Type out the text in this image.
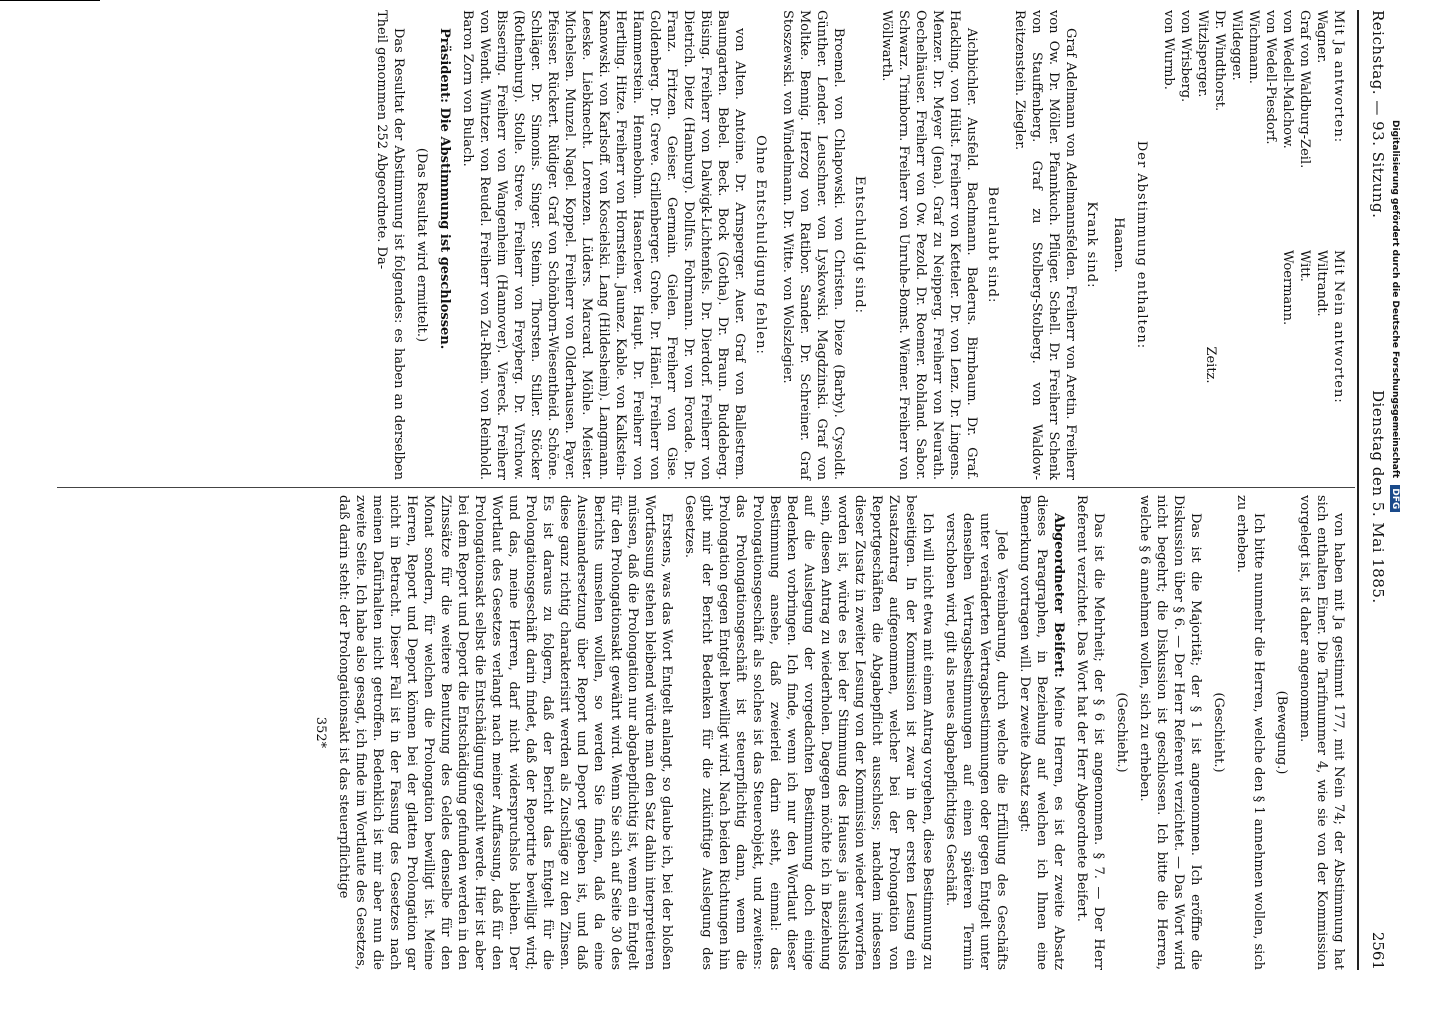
Reichstag. — 93. Sitzung.
Dienstag den 5. Mai 1885.
2561
Mit Ja antworten:
Wagner.
Graf von Waldburg-Zeil.
von Wedell-Malchow.
von Wedell-Piesdorf.
Wichmann.
Wildegger.
Dr. Windthorst.
Witzlsperger.
von Wrisberg.
von Wurmb.
Mit Nein antworten:
Wiltrandt.
Witt.
Woermann.
Zeitz.
Der Abstimmung enthalten:
Haanen.
Krank sind:

Graf Adelmann von Adelmannsfelden. Freiherr von Aretin. Freiherr von Ow. Dr. Möller. Pfannkuch. Pflüger. Schell. Dr. Freiherr Schenk von Stauffenberg. Graf zu Stolberg-Stolberg. von Waldow-Reitzenstein. Ziegler.

Beurlaubt sind:

Aichbichler. Ausfeld. Bachmann. Baderus. Birnbaum. Dr. Graf. Hackling. von Hülst. Freiherr von Ketteler. Dr. von Lenz. Dr. Lingens. Menzer. Dr. Meyer (Jena). Graf zu Neipperg. Freiherr von Neurath. Oechelhäuser. Freiherr von Ow. Pezold. Dr. Roemer. Rohland. Sabor. Schwarz. Trimborn. Freiherr von Unruhe-Bomst. Wiemer. Freiherr von Wöllwarth.

Entschuldigt sind:

Broemel. von Chlapowski. von Christen. Dieze (Barby). Cysoldt. Günther. Lender. Leuschner. von Lyskowski. Magdzinski. Graf von Moltke. Bennig. Herzog von Ratibor. Sander. Dr. Schreiner. Graf Stoszewski. von Windelmann. Dr. Witte. von Wolszlegier.

Ohne Entschuldigung fehlen:

von Alten. Antoine. Dr. Arnsperger. Auer. Graf von Ballestrem. Baumgarten. Bebel. Beck. Bock (Gotha). Dr. Braun. Buddeberg. Büsing. Freiherr von Dalwigk-Lichtenfels. Dr. Dierdorf. Freiherr von Dietrich. Dietz (Hamburg). Dollfus. Fohrmann. Dr. von Forcade. Dr. Franz. Fritzen. Geiser. Germain. Gielen. Freiherr von Gise. Goldenberg. Dr. Greve. Grillenberger. Grohe. Dr. Hänel. Freiherr von Hammerstein. Hennebohm. Hasenclever. Haupt. Dr. Freiherr von Hertling. Hitze. Freiherr von Hornstein. Jaunez. Kable. von Kalkstein-Kanowski. von Karlsoff. von Koscielski. Lang (Hildesheim). Langmann. Leeske. Liebknecht. Lorenzen. Lüders. Marcard. Möhle. Meister. Michelsen. Munzel. Nagel. Koppel. Freiherr von Olderhausen. Payer. Pfeisser. Rückert. Rüdiger. Graf von Schönborn-Wiesentheid. Schöne. Schläger. Dr. Simonis. Singer. Steinn. Thorsten. Stiller. Stöcker (Rothenburg). Stolle. Streve. Freiherr von Freyberg. Dr. Virchow. Bissering. Freiherr von Wangenheim (Hannover). Viereck. Freiherr von Wendt. Wintzer. von Reudel. Freiherr von Zu-Rhein. von Reinhold. Baron Zorn von Bulach.

Präsident: Die Abstimmung ist geschlossen.

(Das Resultat wird ermittelt.)

Das Resultat der Abstimmung ist folgendes: es haben an derselben Theil genommen 252 Abgeordnete. Da-

von haben mit Ja gestimmt 177, mit Nein 74; der Abstimmung hat sich enthalten Einer. Die Tarifnummer 4, wie sie von der Kommission vorgelegt ist, ist daher angenommen.

(Bewegung.)

Ich bitte nunmehr die Herren, welche den § 1 annehmen wollen, sich zu erheben.

(Geschieht.)

Das ist die Majorität; der § 1 ist angenommen. Ich eröffne die Diskussion über § 6. — Der Herr Referent verzichtet. — Das Wort wird nicht begehrt; die Diskussion ist geschlossen. Ich bitte die Herren, welche § 6 annehmen wollen, sich zu erheben.

(Geschieht.)

Das ist die Mehrheit; der § 6 ist angenommen. § 7. — Der Herr Referent verzichtet. Das Wort hat der Herr Abgeordnete Beifert.

Abgeordneter Beifert: Meine Herren, es ist der zweite Absatz dieses Paragraphen, in Beziehung auf welchen ich Ihnen eine Bemerkung vortragen will. Der zweite Absatz sagt:

Jede Vereinbarung, durch welche die Erfüllung des Geschäfts unter veränderten Vertragsbestimmungen oder gegen Entgelt unter denselben Vertragsbestimmungen auf einen späteren Termin verschoben wird, gilt als neues abgabepflichtiges Geschäft.

Ich will nicht etwa mit einem Antrag vorgehen, diese Bestimmung zu beseitigen. In der Kommission ist zwar in der ersten Lesung ein Zusatzantrag aufgenommen, welcher bei der Prolongation von Reportgeschäften die Abgabepflicht ausschloss; nachdem indessen dieser Zusatz in zweiter Lesung von der Kommission wieder verworfen worden ist, würde es bei der Stimmung des Hauses ja aussichtslos sein, diesen Antrag zu wiederholen. Dagegen möchte ich in Beziehung auf die Auslegung der vorgedachten Bestimmung doch einige Bedenken vorbringen. Ich finde, wenn ich nur den Wortlaut dieser Bestimmung ansehe, daß zweierlei darin steht, einmal: das Prolongationsgeschäft als solches ist das Steuerobjekt, und zweitens: das Prolongationsgeschäft ist steuerpflichtig dann, wenn die Prolongation gegen Entgelt bewilligt wird. Nach beiden Richtungen hin gibt mir der Bericht Bedenken für die zukünftige Auslegung des Gesetzes.

Erstens, was das Wort Entgelt anlangt, so glaube ich, bei der bloßen Wortfassung stehen bleibend würde man den Satz dahin interpretieren müssen, daß die Prolongation nur abgabepflichtig ist, wenn ein Entgelt für den Prolongationsakt gewährt wird. Wenn Sie sich auf Seite 30 des Berichts umsehen wollen, so werden Sie finden, daß da eine Auseinandersetzung über Report und Deport gegeben ist, und daß diese ganz richtig charakterisirt werden als Zuschläge zu den Zinsen. Es ist daraus zu folgern, daß der Bericht das Entgelt für die Prolongationsgeschäft darin findet, daß der Reportirte bewilligt wird; und das, meine Herren, darf nicht widerspruchslos bleiben. Der Wortlaut des Gesetzes verlangt nach meiner Auffassung, daß für den Prolongationsakt selbst die Entschädigung gezahlt werde. Hier ist aber bei dem Report und Deport die Entschädigung gefunden werden in den Zinssätze für die weitere Benutzung des Geldes denselbe für den Monat sondern, für welchen die Prolongation bewilligt ist. Meine Herren, Report und Deport können bei der glatten Prolongation gar nicht in Betracht. Dieser Fall ist in der Fassung des Gesetzes nach meinen Dafürhalten nicht getroffen. Bedenklich ist mir aber nun die zweite Seite. Ich habe also gesagt, ich finde im Wortlaute des Gesetzes, daß darin steht: der Prolongationsakt ist das steuerpflichtige

352*
Digitalisierung gefördert durch die Deutsche Forschungsgemeinschaft DFG
